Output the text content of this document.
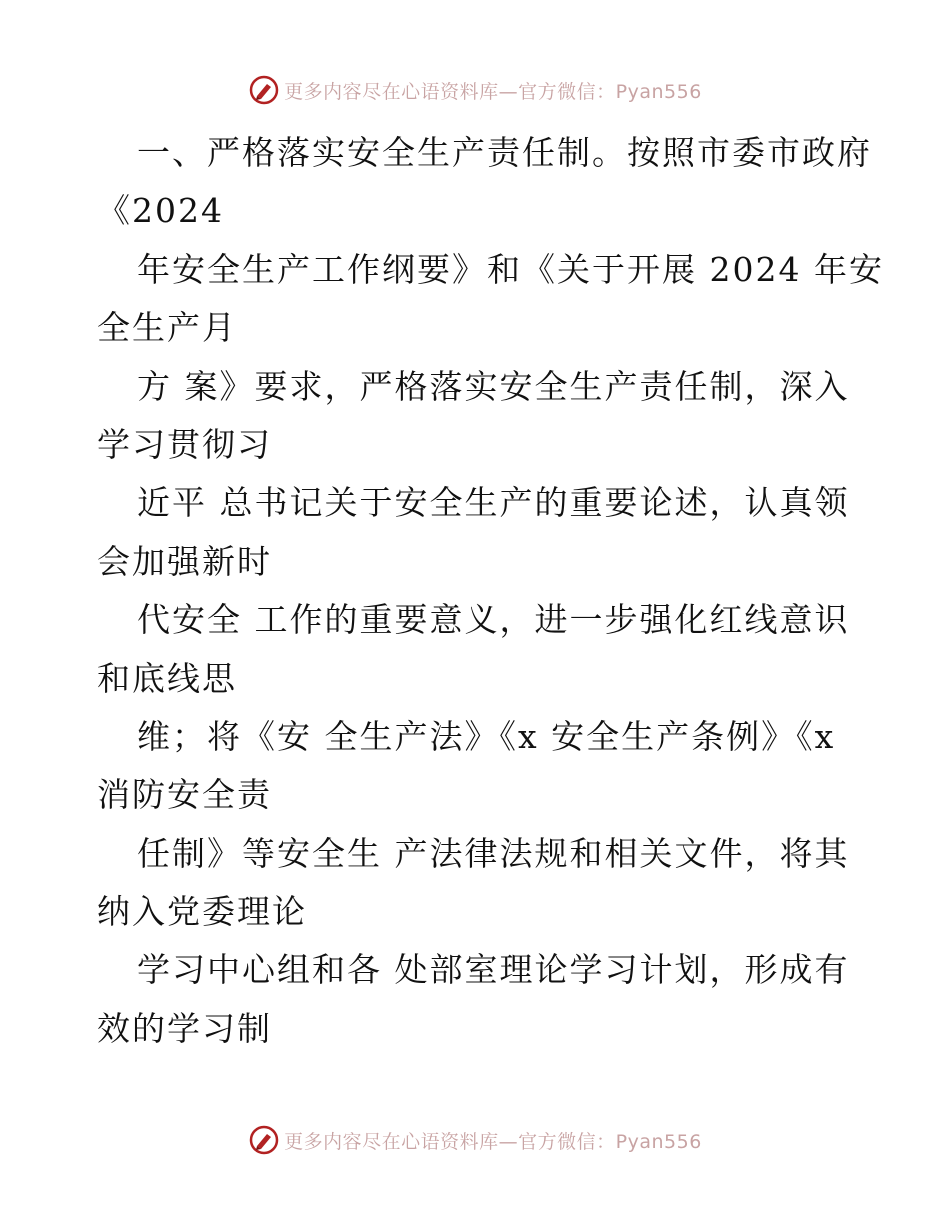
更多内容尽在心语资料库—官方微信：Pyan556
一、严格落实安全生产责任制。按照市委市政府
《2024
年安全生产工作纲要》和《关于开展 2024 年安
全生产月
方 案》要求，严格落实安全生产责任制，深入
学习贯彻习
近平 总书记关于安全生产的重要论述，认真领
会加强新时
代安全 工作的重要意义，进一步强化红线意识
和底线思
维；将《安 全生产法》《x 安全生产条例》《x
消防安全责
任制》等安全生 产法律法规和相关文件，将其
纳入党委理论
学习中心组和各 处部室理论学习计划，形成有
效的学习制
更多内容尽在心语资料库—官方微信：Pyan556
